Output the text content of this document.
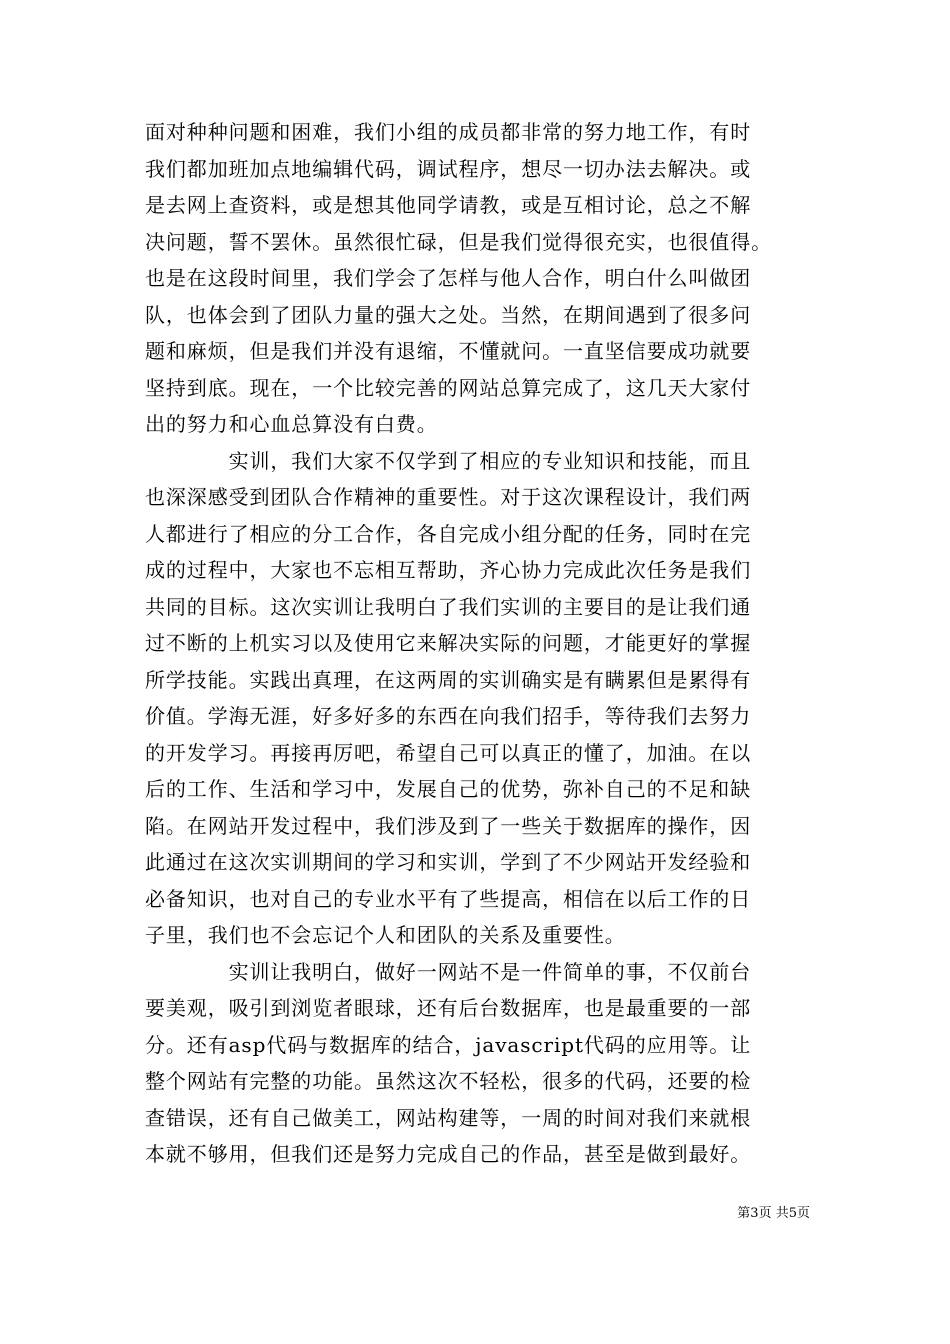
面对种种问题和困难，我们小组的成员都非常的努力地工作，有时
我们都加班加点地编辑代码，调试程序，想尽一切办法去解决。或
是去网上查资料，或是想其他同学请教，或是互相讨论，总之不解
决问题，誓不罢休。虽然很忙碌，但是我们觉得很充实，也很值得。
也是在这段时间里，我们学会了怎样与他人合作，明白什么叫做团
队，也体会到了团队力量的强大之处。当然，在期间遇到了很多问
题和麻烦，但是我们并没有退缩，不懂就问。一直坚信要成功就要
坚持到底。现在，一个比较完善的网站总算完成了，这几天大家付
出的努力和心血总算没有白费。
　　　　实训，我们大家不仅学到了相应的专业知识和技能，而且
也深深感受到团队合作精神的重要性。对于这次课程设计，我们两
人都进行了相应的分工合作，各自完成小组分配的任务，同时在完
成的过程中，大家也不忘相互帮助，齐心协力完成此次任务是我们
共同的目标。这次实训让我明白了我们实训的主要目的是让我们通
过不断的上机实习以及使用它来解决实际的问题，才能更好的掌握
所学技能。实践出真理，在这两周的实训确实是有瞒累但是累得有
价值。学海无涯，好多好多的东西在向我们招手，等待我们去努力
的开发学习。再接再厉吧，希望自己可以真正的懂了，加油。在以
后的工作、生活和学习中，发展自己的优势，弥补自己的不足和缺
陷。在网站开发过程中，我们涉及到了一些关于数据库的操作，因
此通过在这次实训期间的学习和实训，学到了不少网站开发经验和
必备知识，也对自己的专业水平有了些提高，相信在以后工作的日
子里，我们也不会忘记个人和团队的关系及重要性。
　　　　实训让我明白，做好一网站不是一件简单的事，不仅前台
要美观，吸引到浏览者眼球，还有后台数据库，也是最重要的一部
分。还有asp代码与数据库的结合，javascript代码的应用等。让
整个网站有完整的功能。虽然这次不轻松，很多的代码，还要的检
查错误，还有自己做美工，网站构建等，一周的时间对我们来就根
本就不够用，但我们还是努力完成自己的作品，甚至是做到最好。
第3页 共5页
